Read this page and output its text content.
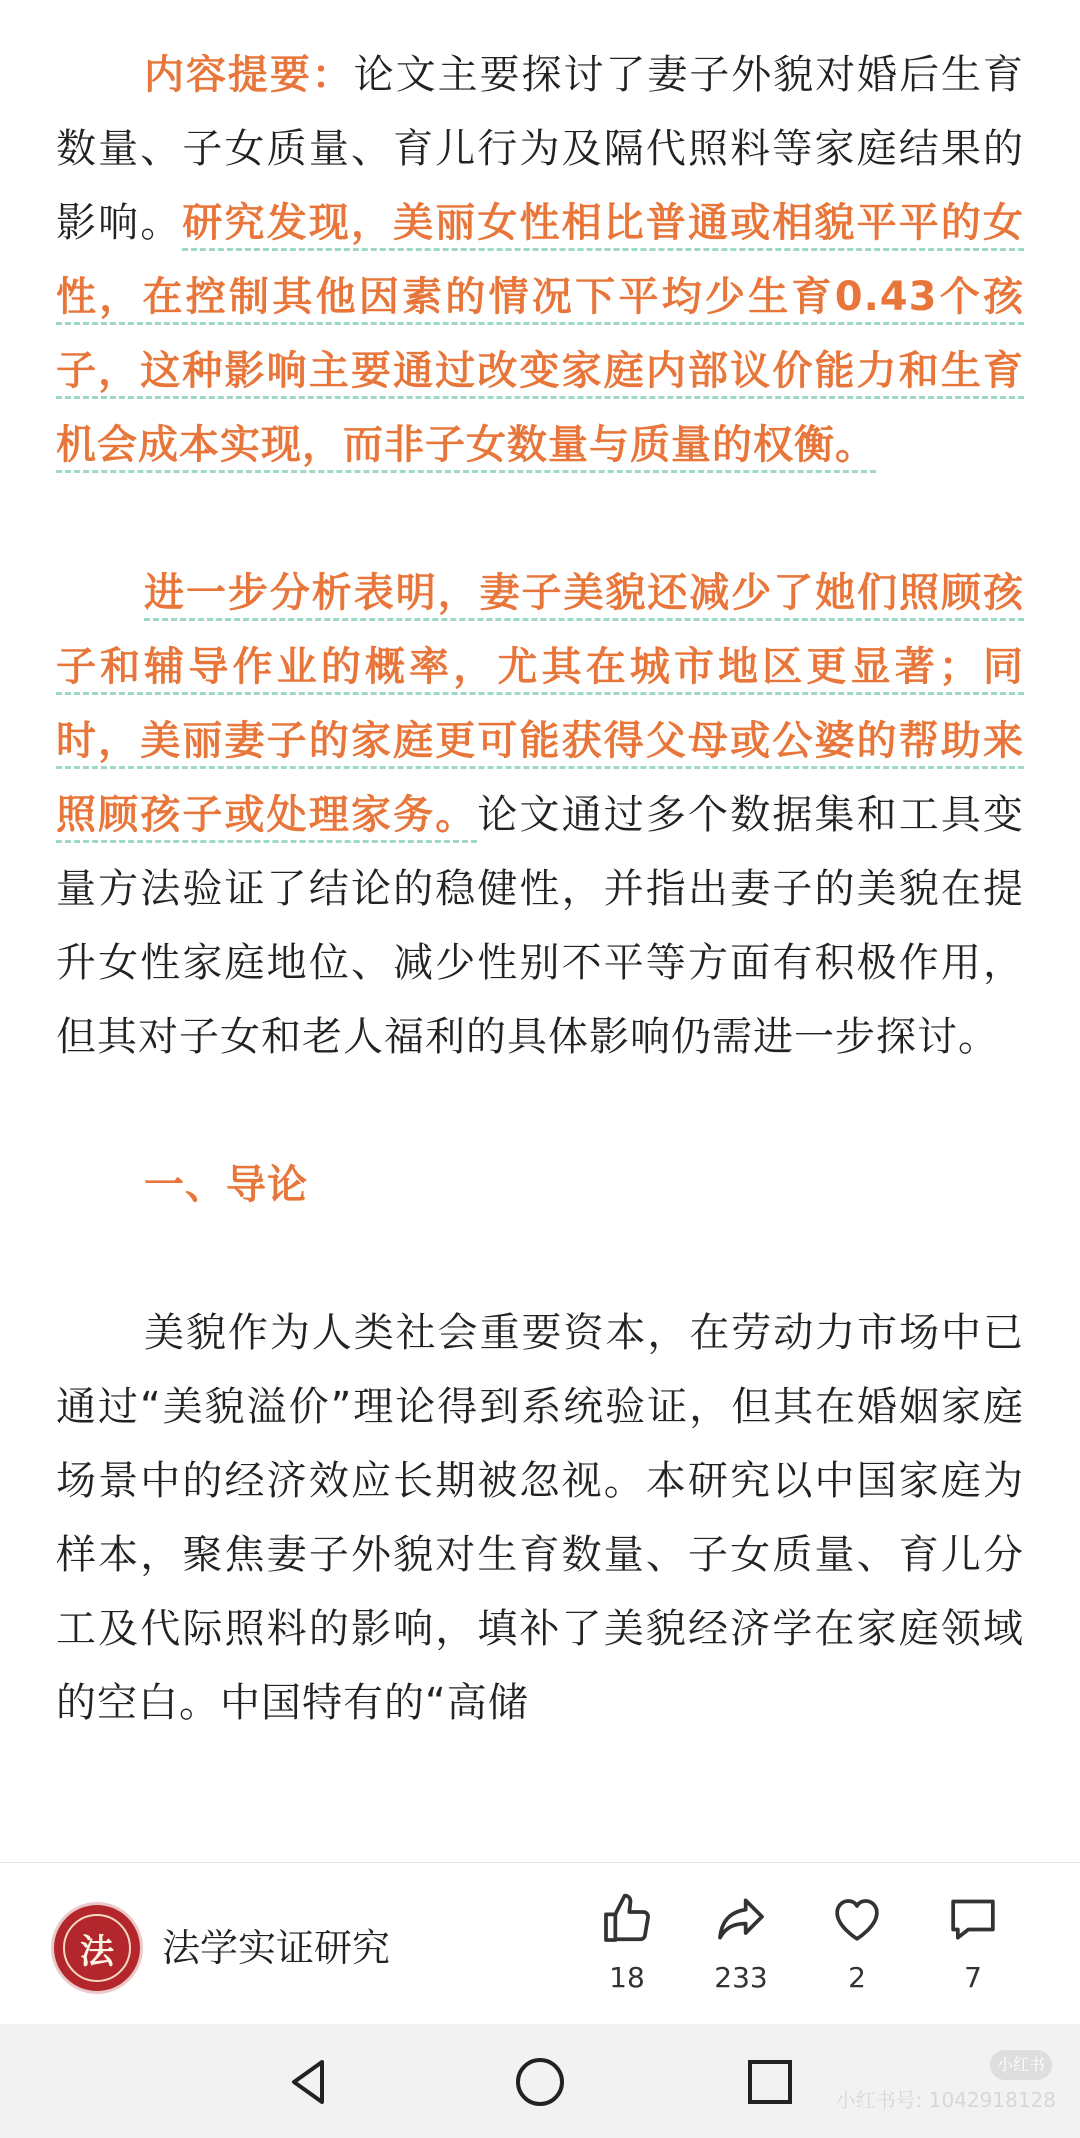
内容提要：论文主要探讨了妻子外貌对婚后生育数量、子女质量、育儿行为及隔代照料等家庭结果的影响。研究发现，美丽女性相比普通或相貌平平的女性，在控制其他因素的情况下平均少生育0.43个孩子，这种影响主要通过改变家庭内部议价能力和生育机会成本实现，而非子女数量与质量的权衡。

进一步分析表明，妻子美貌还减少了她们照顾孩子和辅导作业的概率，尤其在城市地区更显著；同时，美丽妻子的家庭更可能获得父母或公婆的帮助来照顾孩子或处理家务。论文通过多个数据集和工具变量方法验证了结论的稳健性，并指出妻子的美貌在提升女性家庭地位、减少性别不平等方面有积极作用，但其对子女和老人福利的具体影响仍需进一步探讨。

一、导论

美貌作为人类社会重要资本，在劳动力市场中已通过“美貌溢价”理论得到系统验证，但其在婚姻家庭场景中的经济效应长期被忽视。本研究以中国家庭为样本，聚焦妻子外貌对生育数量、子女质量、育儿分工及代际照料的影响，填补了美貌经济学在家庭领域的空白。中国特有的“高储

法	法学实证研究
18	233	2	7
小红书
小红书号: 1042918128
